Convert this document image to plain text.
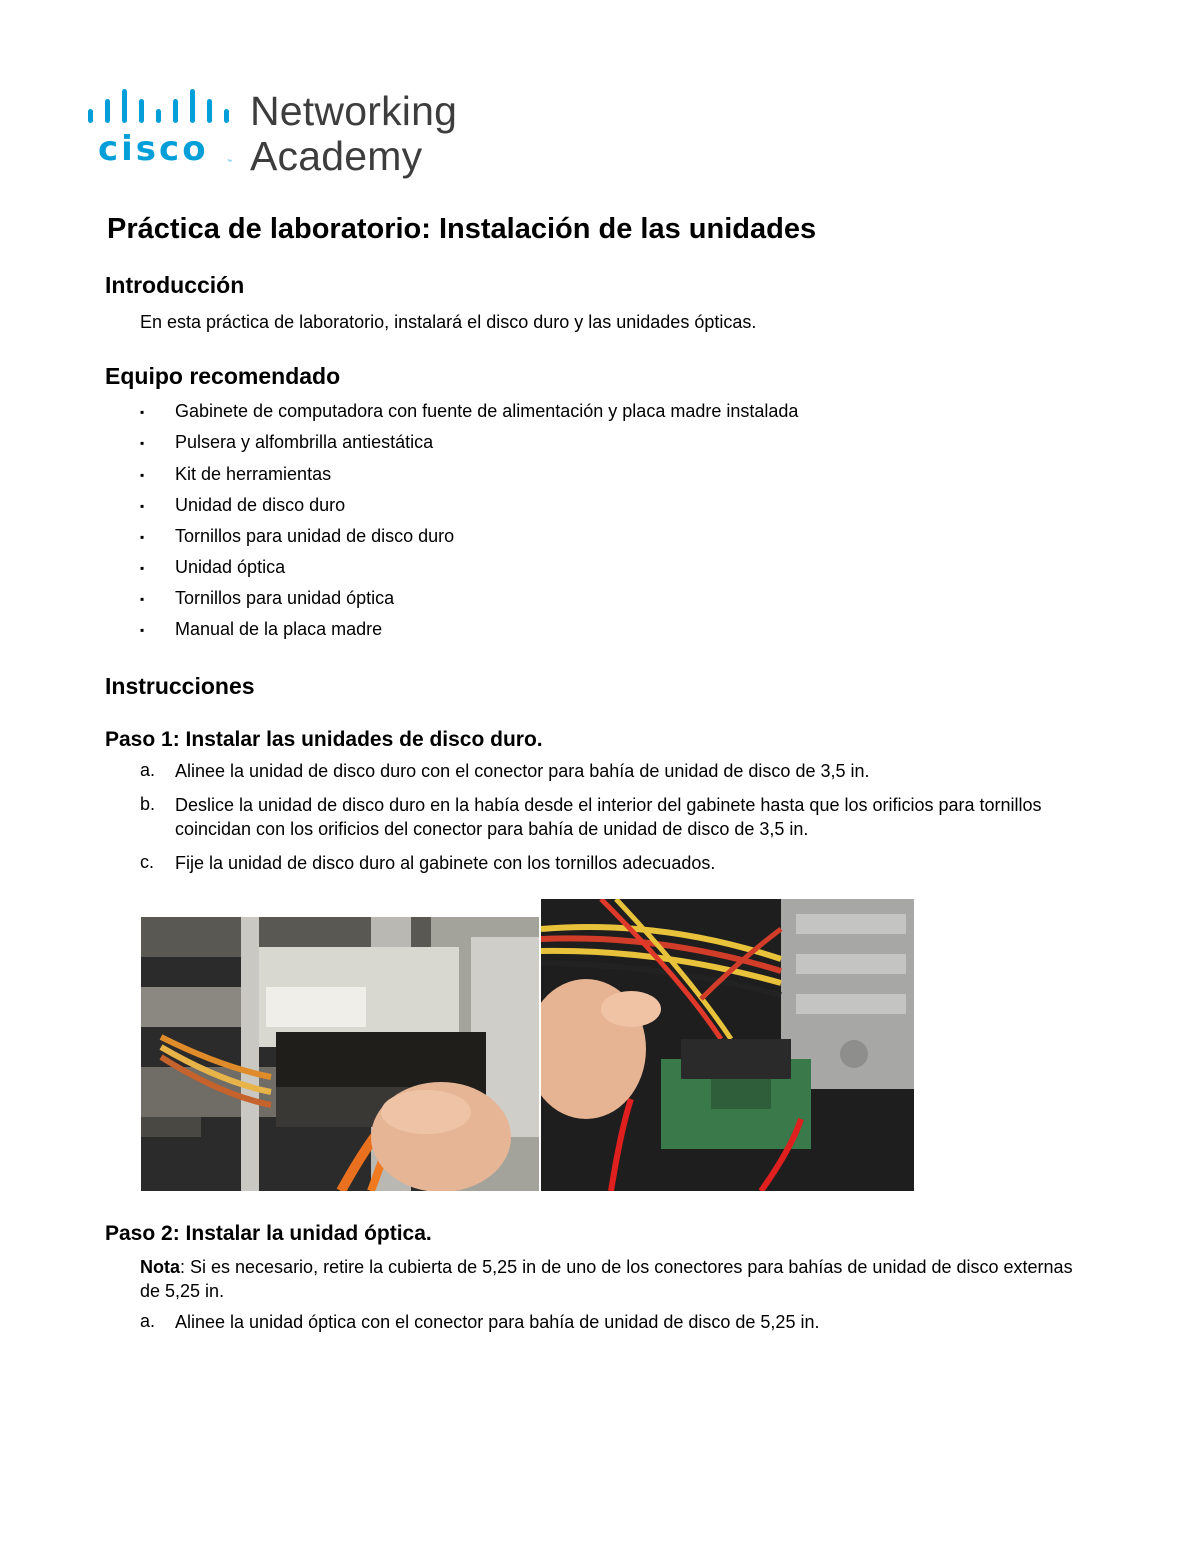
cisco	™
Networking
Academy
Práctica de laboratorio: Instalación de las unidades
Introducción
En esta práctica de laboratorio, instalará el disco duro y las unidades ópticas.
Equipo recomendado
▪ Gabinete de computadora con fuente de alimentación y placa madre instalada
▪ Pulsera y alfombrilla antiestática
▪ Kit de herramientas
▪ Unidad de disco duro
▪ Tornillos para unidad de disco duro
▪ Unidad óptica
▪ Tornillos para unidad óptica
▪ Manual de la placa madre
Instrucciones
Paso 1: Instalar las unidades de disco duro.
a. Alinee la unidad de disco duro con el conector para bahía de unidad de disco de 3,5 in.
b. Deslice la unidad de disco duro en la había desde el interior del gabinete hasta que los orificios para tornillos coincidan con los orificios del conector para bahía de unidad de disco de 3,5 in.
c. Fije la unidad de disco duro al gabinete con los tornillos adecuados.
Paso 2: Instalar la unidad óptica.
Nota: Si es necesario, retire la cubierta de 5,25 in de uno de los conectores para bahías de unidad de disco externas de 5,25 in.
a. Alinee la unidad óptica con el conector para bahía de unidad de disco de 5,25 in.
